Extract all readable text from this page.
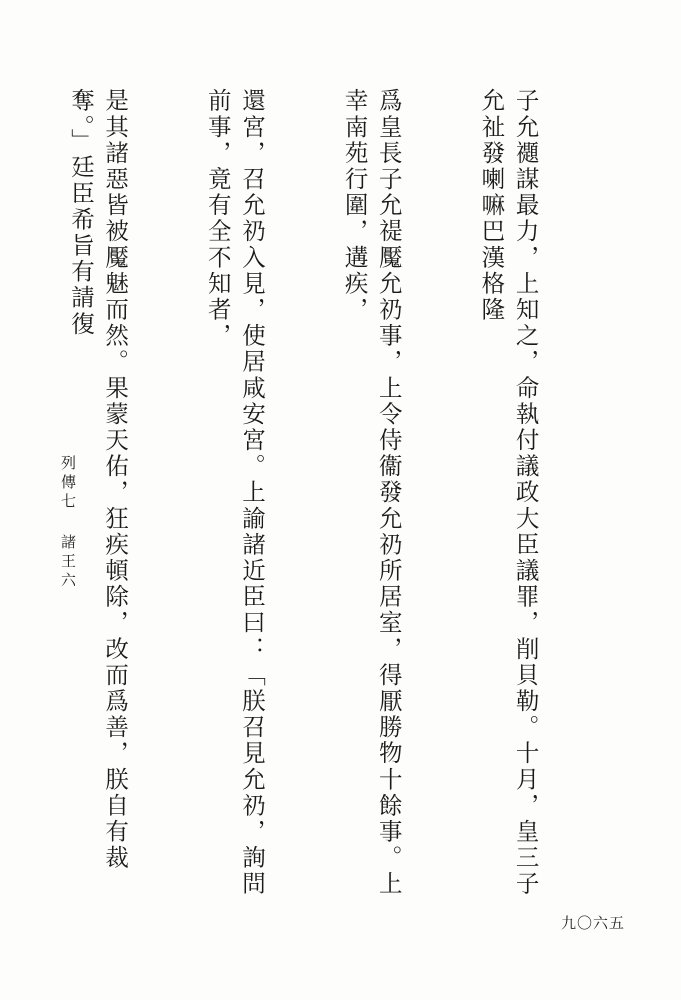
子允禵謀最力，上知之，命執付議政大臣議罪，削貝勒。十月，皇三子允祉發喇嘛巴漢格隆

爲皇長子允禔魘允礽事，上令侍衞發允礽所居室，得厭勝物十餘事。上幸南苑行圍，遘疾，

還宮，召允礽入見，使居咸安宮。上諭諸近臣曰：「朕召見允礽，詢問前事，竟有全不知者，

是其諸惡皆被魘魅而然。果蒙天佑，狂疾頓除，改而爲善，朕自有裁奪。」廷臣希旨有請復

列傳七諸王六
九〇六五
